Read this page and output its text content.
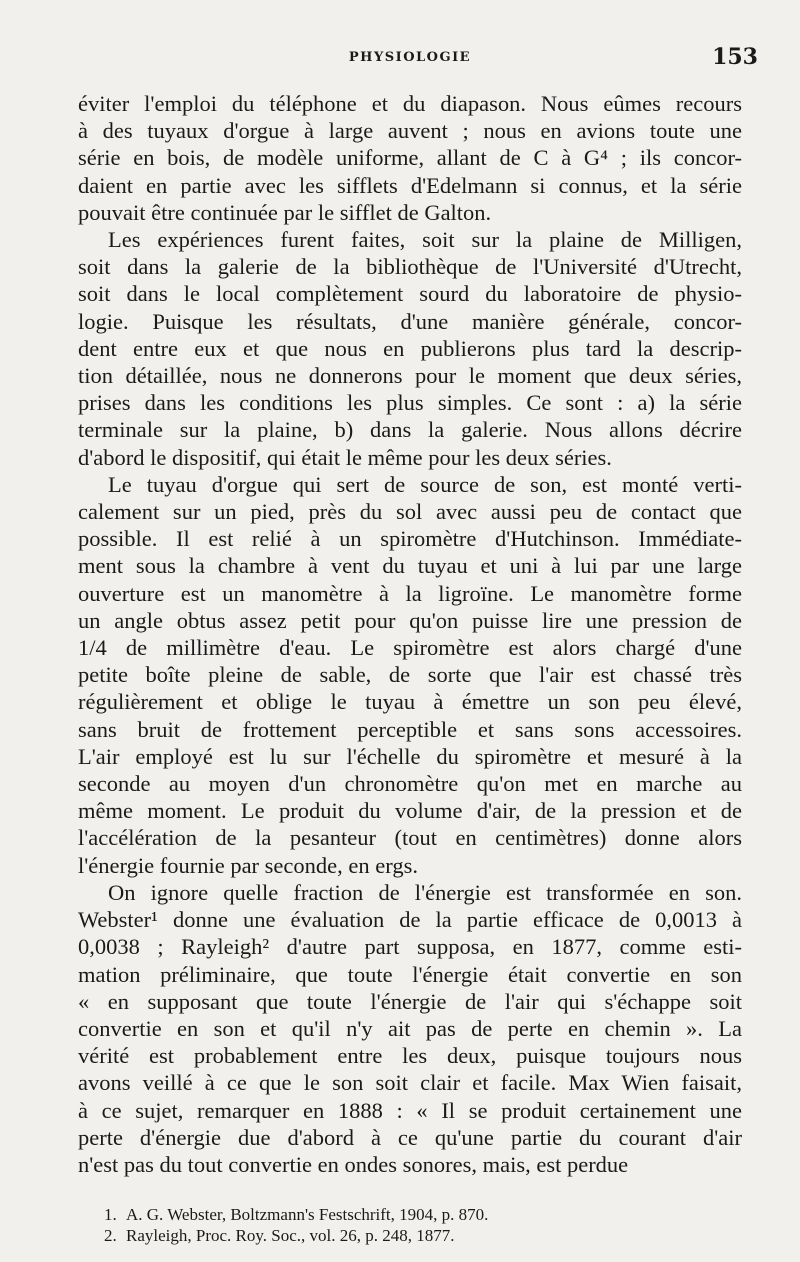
PHYSIOLOGIE	153

éviter l'emploi du téléphone et du diapason. Nous eûmes recours
à des tuyaux d'orgue à large auvent ; nous en avions toute une
série en bois, de modèle uniforme, allant de C à G⁴ ; ils concor-
daient en partie avec les sifflets d'Edelmann si connus, et la série
pouvait être continuée par le sifflet de Galton.

Les expériences furent faites, soit sur la plaine de Milligen,
soit dans la galerie de la bibliothèque de l'Université d'Utrecht,
soit dans le local complètement sourd du laboratoire de physio-
logie. Puisque les résultats, d'une manière générale, concor-
dent entre eux et que nous en publierons plus tard la descrip-
tion détaillée, nous ne donnerons pour le moment que deux séries,
prises dans les conditions les plus simples. Ce sont : a) la série
terminale sur la plaine, b) dans la galerie. Nous allons décrire
d'abord le dispositif, qui était le même pour les deux séries.

Le tuyau d'orgue qui sert de source de son, est monté verti-
calement sur un pied, près du sol avec aussi peu de contact que
possible. Il est relié à un spiromètre d'Hutchinson. Immédiate-
ment sous la chambre à vent du tuyau et uni à lui par une large
ouverture est un manomètre à la ligroïne. Le manomètre forme
un angle obtus assez petit pour qu'on puisse lire une pression de
1/4 de millimètre d'eau. Le spiromètre est alors chargé d'une
petite boîte pleine de sable, de sorte que l'air est chassé très
régulièrement et oblige le tuyau à émettre un son peu élevé,
sans bruit de frottement perceptible et sans sons accessoires.
L'air employé est lu sur l'échelle du spiromètre et mesuré à la
seconde au moyen d'un chronomètre qu'on met en marche au
même moment. Le produit du volume d'air, de la pression et de
l'accélération de la pesanteur (tout en centimètres) donne alors
l'énergie fournie par seconde, en ergs.

On ignore quelle fraction de l'énergie est transformée en son.
Webster¹ donne une évaluation de la partie efficace de 0,0013 à
0,0038 ; Rayleigh² d'autre part supposa, en 1877, comme esti-
mation préliminaire, que toute l'énergie était convertie en son
« en supposant que toute l'énergie de l'air qui s'échappe soit
convertie en son et qu'il n'y ait pas de perte en chemin ». La
vérité est probablement entre les deux, puisque toujours nous
avons veillé à ce que le son soit clair et facile. Max Wien faisait,
à ce sujet, remarquer en 1888 : « Il se produit certainement une
perte d'énergie due d'abord à ce qu'une partie du courant d'air
n'est pas du tout convertie en ondes sonores, mais, est perdue

1. A. G. Webster, Boltzmann's Festschrift, 1904, p. 870.
2. Rayleigh, Proc. Roy. Soc., vol. 26, p. 248, 1877.
